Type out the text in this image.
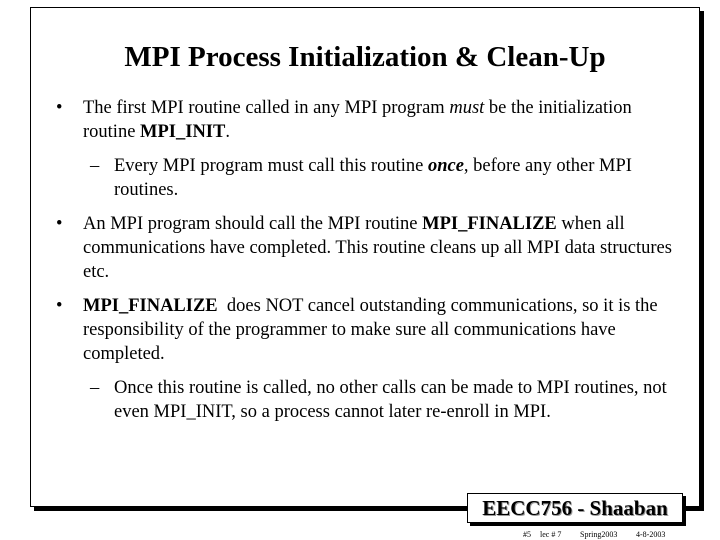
MPI Process Initialization & Clean-Up
• The first MPI routine called in any MPI program must be the initialization routine MPI_INIT.
– Every MPI program must call this routine once, before any other MPI routines.
• An MPI program should call the MPI routine MPI_FINALIZE when all communications have completed. This routine cleans up all MPI data structures etc.
• MPI_FINALIZE  does NOT cancel outstanding communications, so it is the responsibility of the programmer to make sure all communications have completed.
– Once this routine is called, no other calls can be made to MPI routines, not even MPI_INIT, so a process cannot later re-enroll in MPI.
EECC756 - Shaaban
#5 lec # 7 Spring2003 4-8-2003
